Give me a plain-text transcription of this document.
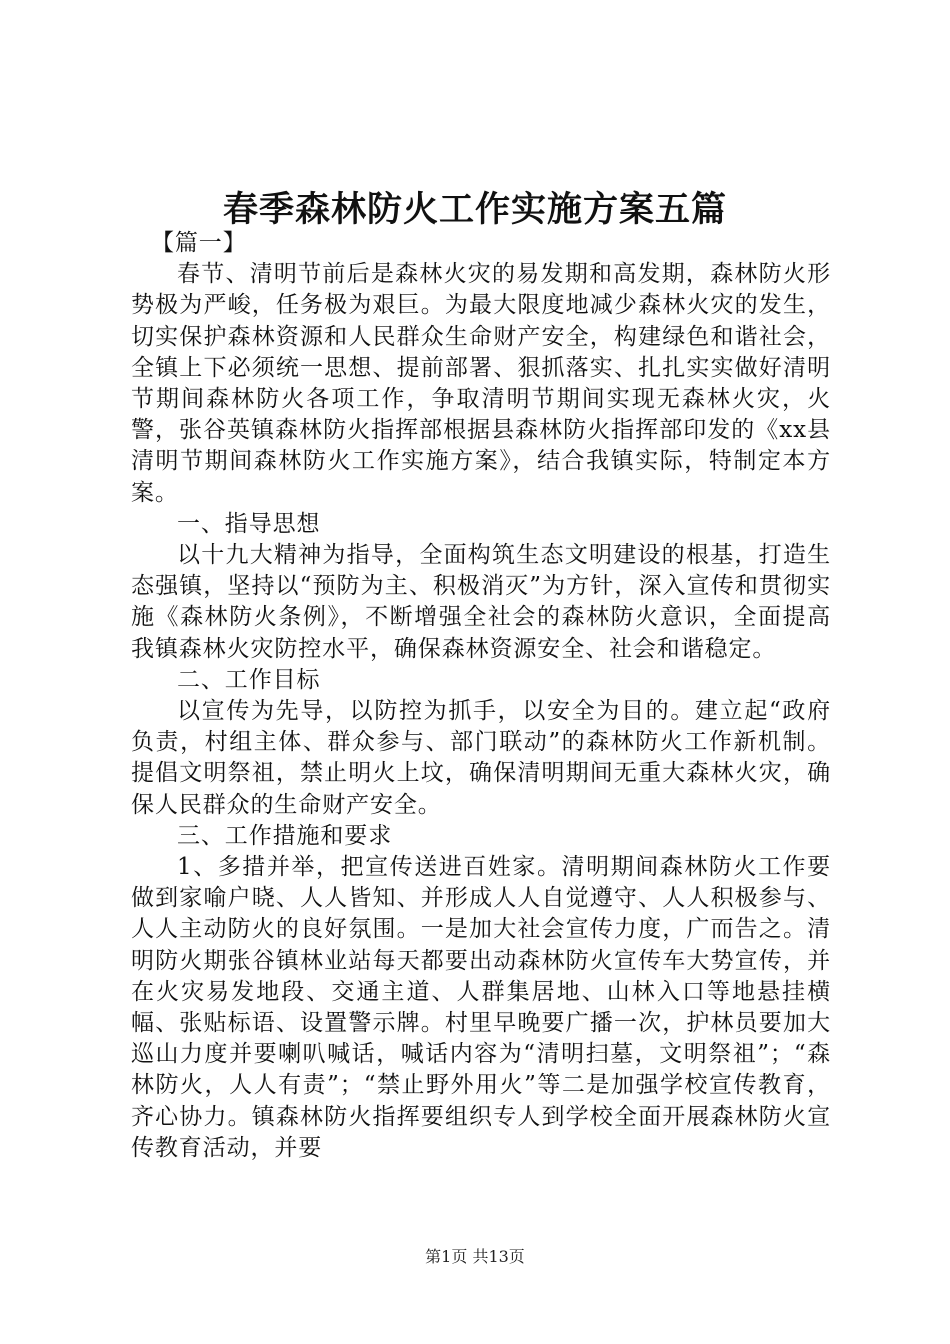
春季森林防火工作实施方案五篇

【篇一】

春节、清明节前后是森林火灾的易发期和高发期，森林防火形势极为严峻，任务极为艰巨。为最大限度地减少森林火灾的发生，切实保护森林资源和人民群众生命财产安全，构建绿色和谐社会，全镇上下必须统一思想、提前部署、狠抓落实、扎扎实实做好清明节期间森林防火各项工作，争取清明节期间实现无森林火灾，火警，张谷英镇森林防火指挥部根据县森林防火指挥部印发的《xx县清明节期间森林防火工作实施方案》，结合我镇实际，特制定本方案。

一、指导思想

以十九大精神为指导，全面构筑生态文明建设的根基，打造生态强镇，坚持以“预防为主、积极消灭”为方针，深入宣传和贯彻实施《森林防火条例》，不断增强全社会的森林防火意识，全面提高我镇森林火灾防控水平，确保森林资源安全、社会和谐稳定。

二、工作目标

以宣传为先导，以防控为抓手，以安全为目的。建立起“政府负责，村组主体、群众参与、部门联动”的森林防火工作新机制。提倡文明祭祖，禁止明火上坟，确保清明期间无重大森林火灾，确保人民群众的生命财产安全。

三、工作措施和要求

1、多措并举，把宣传送进百姓家。清明期间森林防火工作要做到家喻户晓、人人皆知、并形成人人自觉遵守、人人积极参与、人人主动防火的良好氛围。一是加大社会宣传力度，广而告之。清明防火期张谷镇林业站每天都要出动森林防火宣传车大势宣传，并在火灾易发地段、交通主道、人群集居地、山林入口等地悬挂横幅、张贴标语、设置警示牌。村里早晚要广播一次，护林员要加大巡山力度并要喇叭喊话，喊话内容为“清明扫墓，文明祭祖”；“森林防火，人人有责”；“禁止野外用火”等二是加强学校宣传教育，齐心协力。镇森林防火指挥要组织专人到学校全面开展森林防火宣传教育活动，并要

第1页 共13页
